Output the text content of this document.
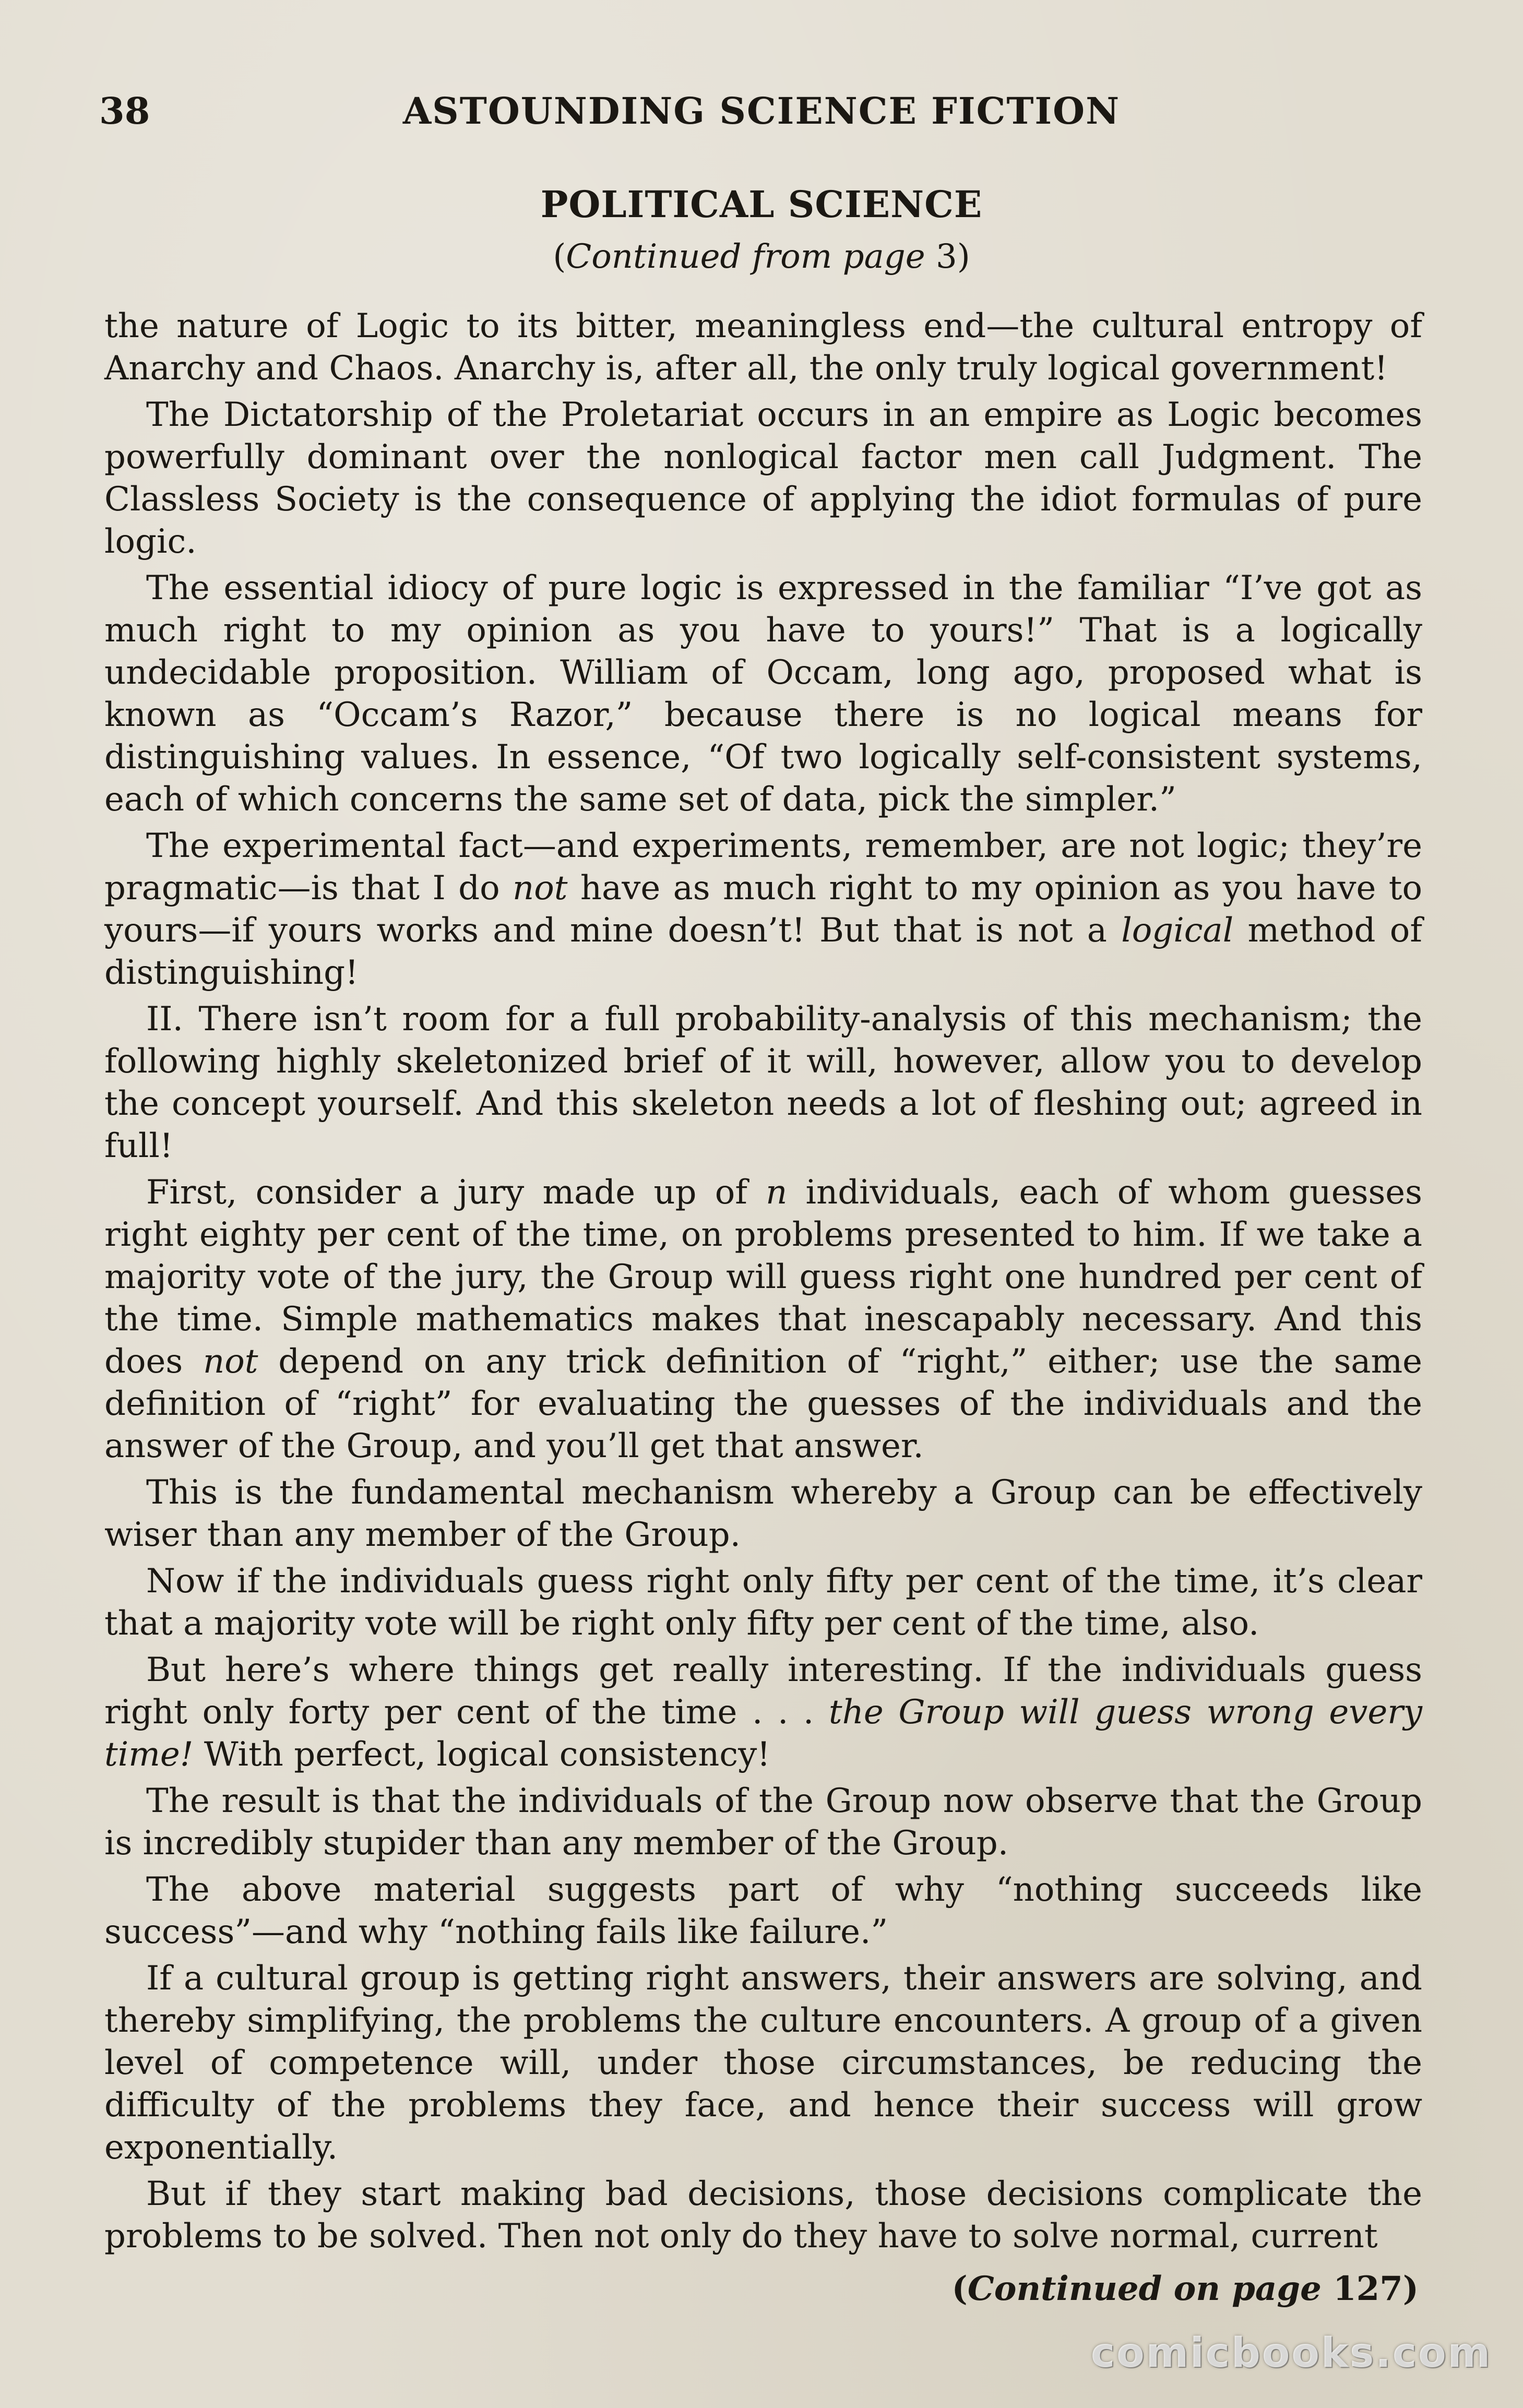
38	ASTOUNDING SCIENCE FICTION
POLITICAL SCIENCE
(Continued from page 3)

the nature of Logic to its bitter, meaningless end—the cultural entropy of Anarchy and Chaos. Anarchy is, after all, the only truly logical government!

The Dictatorship of the Proletariat occurs in an empire as Logic becomes powerfully dominant over the nonlogical factor men call Judgment. The Classless Society is the consequence of applying the idiot formulas of pure logic.

The essential idiocy of pure logic is expressed in the familiar “I’ve got as much right to my opinion as you have to yours!” That is a logically undecidable proposition. William of Occam, long ago, proposed what is known as “Occam’s Razor,” because there is no logical means for distinguishing values. In essence, “Of two logically self-consistent systems, each of which concerns the same set of data, pick the simpler.”

The experimental fact—and experiments, remember, are not logic; they’re pragmatic—is that I do not have as much right to my opinion as you have to yours—if yours works and mine doesn’t! But that is not a logical method of distinguishing!

II. There isn’t room for a full probability-analysis of this mechanism; the following highly skeletonized brief of it will, however, allow you to develop the concept yourself. And this skeleton needs a lot of fleshing out; agreed in full!

First, consider a jury made up of n individuals, each of whom guesses right eighty per cent of the time, on problems presented to him. If we take a majority vote of the jury, the Group will guess right one hundred per cent of the time. Simple mathematics makes that inescapably necessary. And this does not depend on any trick definition of “right,” either; use the same definition of “right” for evaluating the guesses of the individuals and the answer of the Group, and you’ll get that answer.

This is the fundamental mechanism whereby a Group can be effectively wiser than any member of the Group.

Now if the individuals guess right only fifty per cent of the time, it’s clear that a majority vote will be right only fifty per cent of the time, also.

But here’s where things get really interesting. If the individuals guess right only forty per cent of the time . . . the Group will guess wrong every time! With perfect, logical consistency!

The result is that the individuals of the Group now observe that the Group is incredibly stupider than any member of the Group.

The above material suggests part of why “nothing succeeds like success”—and why “nothing fails like failure.”

If a cultural group is getting right answers, their answers are solving, and thereby simplifying, the problems the culture encounters. A group of a given level of competence will, under those circumstances, be reducing the difficulty of the problems they face, and hence their success will grow exponentially.

But if they start making bad decisions, those decisions complicate the problems to be solved. Then not only do they have to solve normal, current

(Continued on page 127)
comicbooks.com
